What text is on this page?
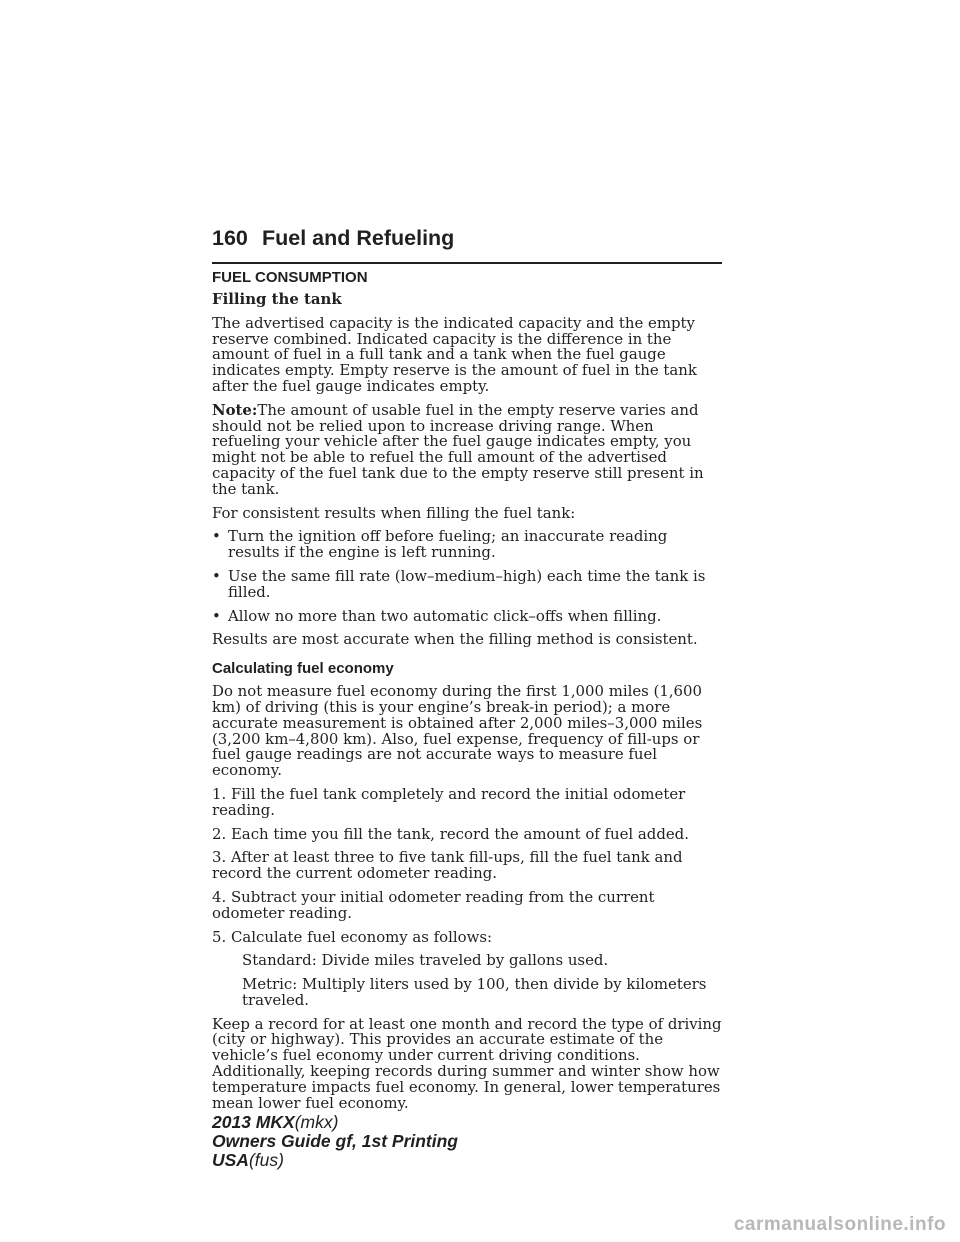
160 Fuel and Refueling
FUEL CONSUMPTION
Filling the tank

The advertised capacity is the indicated capacity and the empty reserve combined. Indicated capacity is the difference in the amount of fuel in a full tank and a tank when the fuel gauge indicates empty. Empty reserve is the amount of fuel in the tank after the fuel gauge indicates empty.

Note:The amount of usable fuel in the empty reserve varies and should not be relied upon to increase driving range. When refueling your vehicle after the fuel gauge indicates empty, you might not be able to refuel the full amount of the advertised capacity of the fuel tank due to the empty reserve still present in the tank.

For consistent results when filling the fuel tank:

• Turn the ignition off before fueling; an inaccurate reading results if the engine is left running.
• Use the same fill rate (low–medium–high) each time the tank is filled.
• Allow no more than two automatic click–offs when filling.

Results are most accurate when the filling method is consistent.

Calculating fuel economy

Do not measure fuel economy during the first 1,000 miles (1,600 km) of driving (this is your engine’s break-in period); a more accurate measurement is obtained after 2,000 miles–3,000 miles (3,200 km–4,800 km). Also, fuel expense, frequency of fill-ups or fuel gauge readings are not accurate ways to measure fuel economy.

1. Fill the fuel tank completely and record the initial odometer reading.

2. Each time you fill the tank, record the amount of fuel added.

3. After at least three to five tank fill-ups, fill the fuel tank and record the current odometer reading.

4. Subtract your initial odometer reading from the current odometer reading.

5. Calculate fuel economy as follows:

Standard: Divide miles traveled by gallons used.

Metric: Multiply liters used by 100, then divide by kilometers traveled.

Keep a record for at least one month and record the type of driving (city or highway). This provides an accurate estimate of the vehicle’s fuel economy under current driving conditions. Additionally, keeping records during summer and winter show how temperature impacts fuel economy. In general, lower temperatures mean lower fuel economy.

2013 MKX(mkx)
Owners Guide gf, 1st Printing
USA(fus)
carmanualsonline.info
